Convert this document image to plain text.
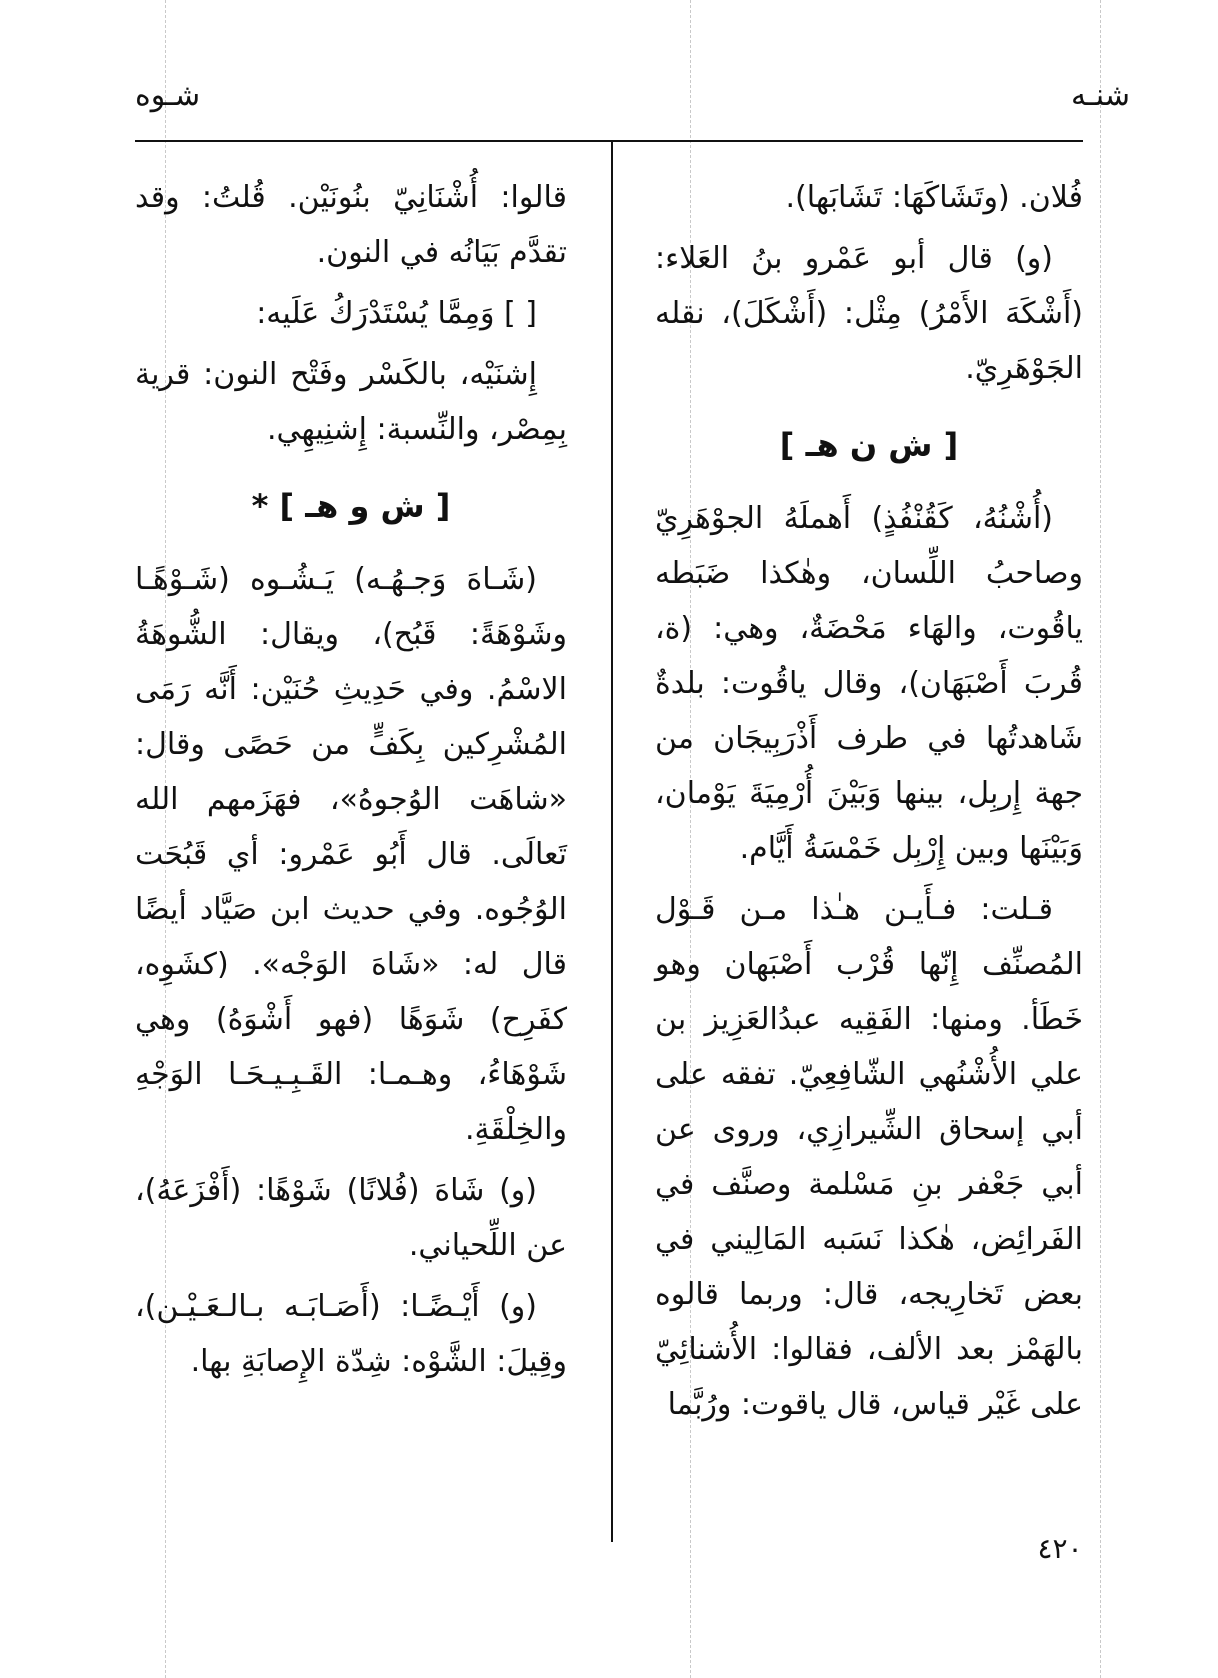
شنـه
شـوه

فُلان. (وتَشَاكَهَا: تَشَابَها).

(و) قال أبو عَمْرو بنُ العَلاء: (أَشْكَهَ الأَمْرُ) مِثْل: (أَشْكَلَ)، نقله الجَوْهَرِيّ.

[ ش ن هـ ]

(أُشْنُهُ، كَقُنْفُذٍ) أَهملَهُ الجوْهَرِيّ وصاحبُ اللِّسان، وهٰكذا ضَبَطه ياقُوت، والهَاء مَحْضَةٌ، وهي: (ة، قُربَ أَصْبَهَان)، وقال ياقُوت: بلدةٌ شَاهدتُها في طرف أَذْرَبِيجَان من جهة إِربِل، بينها وَبَيْنَ أُرْمِيَةَ يَوْمان، وَبَيْنَها وبين إِرْبِل خَمْسَةُ أَيَّام.

قـلت: فـأَيـن هـٰذا مـن قَـوْل المُصنِّف إِنّها قُرْب أَصْبَهان وهو خَطَأ. ومنها: الفَقِيه عبدُالعَزِيز بن علي الأُشْنُهي الشّافِعِيّ. تفقه على أبي إسحاق الشِّيرازِي، وروى عن أبي جَعْفر بنِ مَسْلمة وصنَّف في الفَرائِض، هٰكذا نَسَبه المَالِيني في بعض تَخارِيجه، قال: وربما قالوه بالهَمْز بعد الألف، فقالوا: الأُشنائِيّ على غَيْر قياس، قال ياقوت: ورُبَّما

قالوا: أُشْنَانِيّ بنُونَيْن. قُلتُ: وقد تقدَّم بَيَانُه في النون.

[ ] وَمِمَّا يُسْتَدْرَكُ عَلَيه:

إِشنَيْه، بالكَسْر وفَتْح النون: قرية بِمِصْر، والنِّسبة: إِشنِيهِي.

[ ش و هـ ] *

(شَـاهَ وَجـهُـه) يَـشُـوه (شَـوْهًـا وشَوْهَةً: قَبُح)، ويقال: الشُّوهَةُ الاسْمُ. وفي حَدِيثِ حُنَيْن: أَنَّه رَمَى المُشْرِكين بِكَفٍّ من حَصًى وقال: «شاهَت الوُجوهُ»، فهَزَمهم الله تَعالَى. قال أَبُو عَمْرو: أي قَبُحَت الوُجُوه. وفي حديث ابن صَيَّاد أيضًا قال له: «شَاهَ الوَجْه». (كشَوِه، كفَرِح) شَوَهًا (فهو أَشْوَهُ) وهي شَوْهَاءُ، وهـمـا: القَـبِـيـحَـا الوَجْهِ والخِلْقَةِ.

(و) شَاهَ (فُلانًا) شَوْهًا: (أَفْزَعَهُ)، عن اللِّحياني.

(و) أَيْـضًـا: (أَصَـابَـه بـالـعَـيْـن)، وقِيلَ: الشَّوْه: شِدّة الإِصابَةِ بها.

٤٢٠
